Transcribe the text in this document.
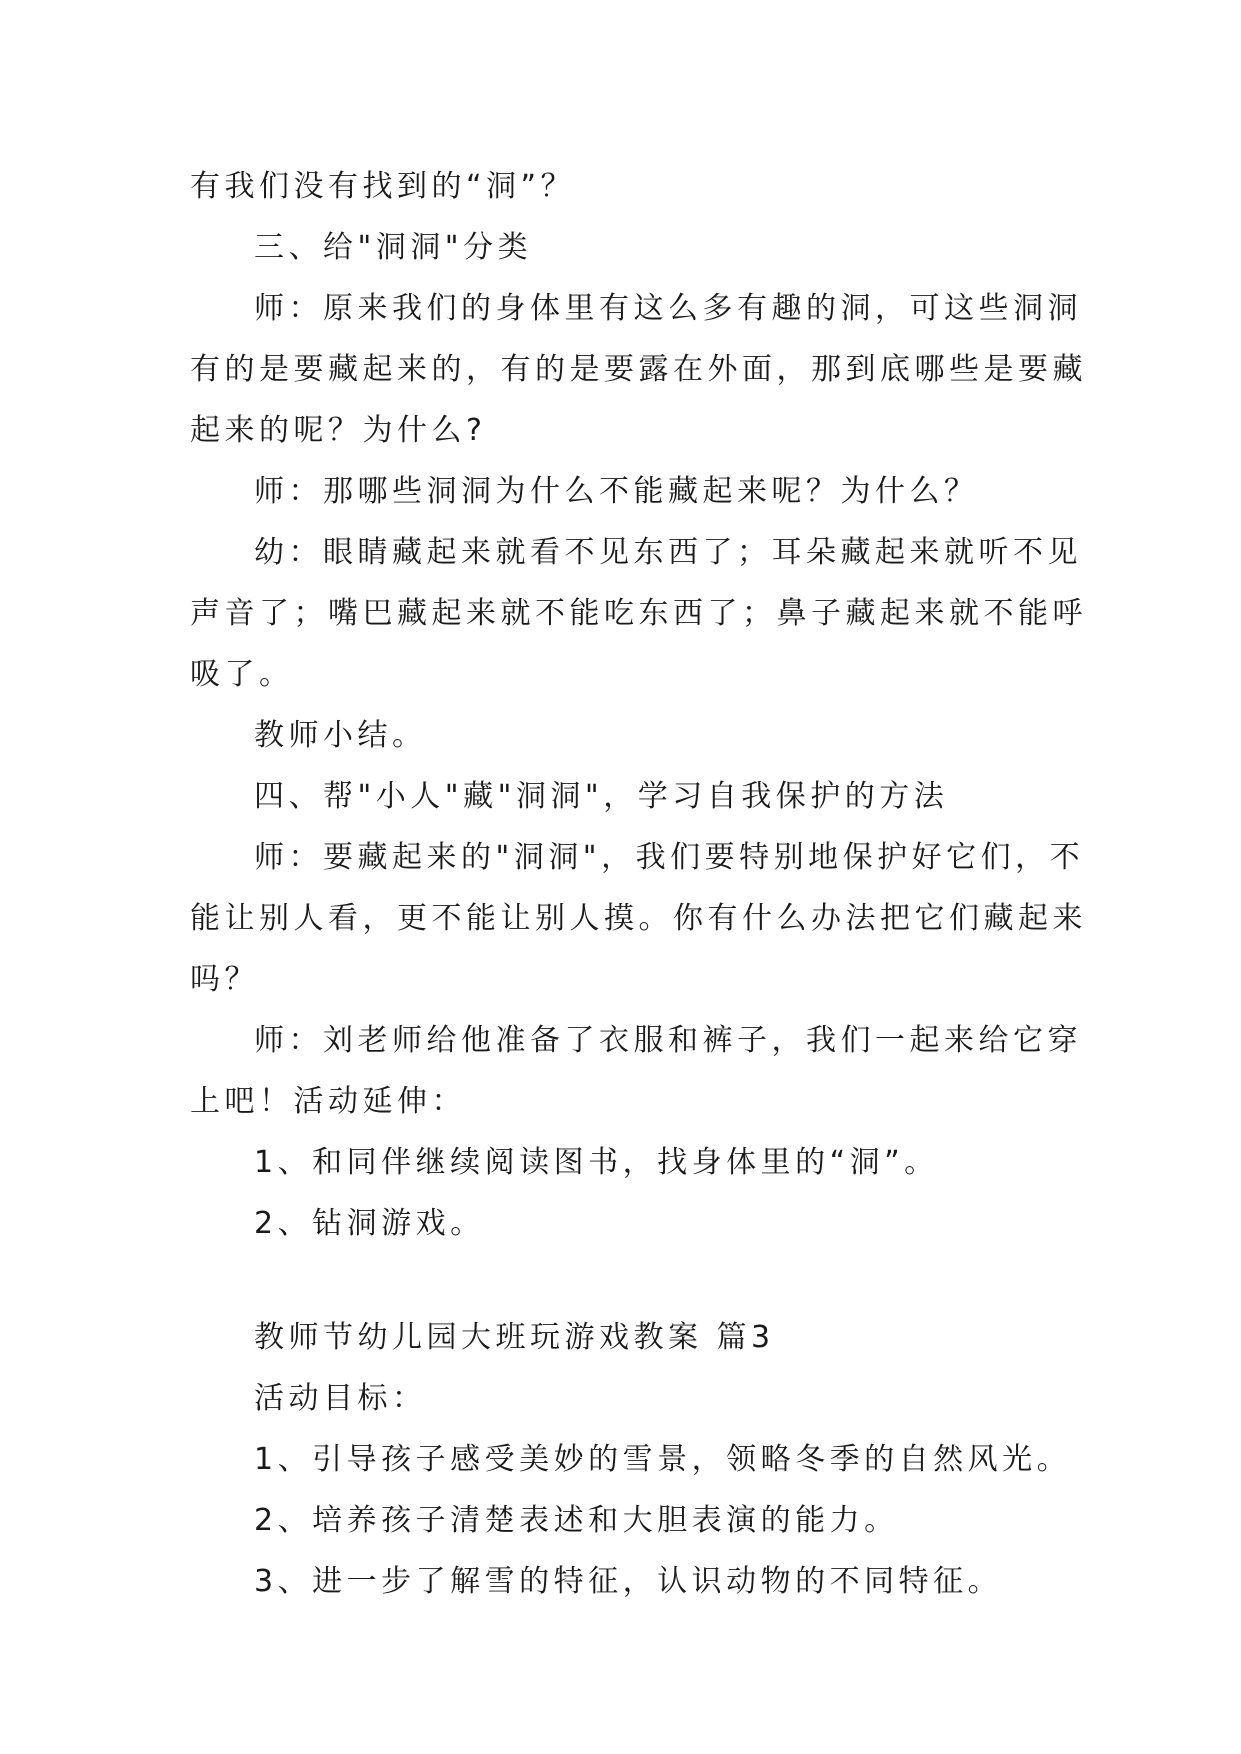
有我们没有找到的“洞”？
三、给"洞洞"分类
师：原来我们的身体里有这么多有趣的洞，可这些洞洞
有的是要藏起来的，有的是要露在外面，那到底哪些是要藏
起来的呢？为什么?
师：那哪些洞洞为什么不能藏起来呢？为什么？
幼：眼睛藏起来就看不见东西了；耳朵藏起来就听不见
声音了；嘴巴藏起来就不能吃东西了；鼻子藏起来就不能呼
吸了。
教师小结。
四、帮"小人"藏"洞洞"，学习自我保护的方法
师：要藏起来的"洞洞"，我们要特别地保护好它们，不
能让别人看，更不能让别人摸。你有什么办法把它们藏起来
吗？
师：刘老师给他准备了衣服和裤子，我们一起来给它穿
上吧！活动延伸：
1、和同伴继续阅读图书，找身体里的“洞”。
2、钻洞游戏。
教师节幼儿园大班玩游戏教案 篇3
活动目标：
1、引导孩子感受美妙的雪景，领略冬季的自然风光。
2、培养孩子清楚表述和大胆表演的能力。
3、进一步了解雪的特征，认识动物的不同特征。
